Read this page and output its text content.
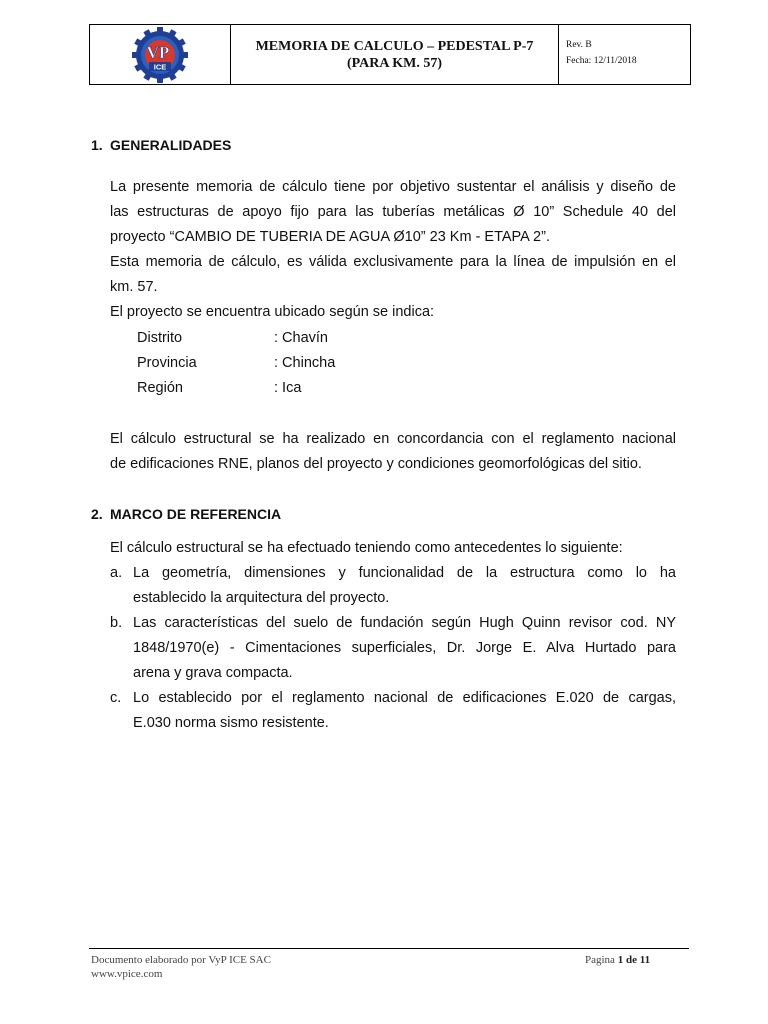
VP
ICE
MEMORIA DE CALCULO – PEDESTAL P-7
(PARA KM. 57)
Rev. B
Fecha: 12/11/2018
1. GENERALIDADES
La presente memoria de cálculo tiene por objetivo sustentar el análisis y diseño de
las estructuras de apoyo fijo para las tuberías metálicas Ø 10” Schedule 40 del
proyecto “CAMBIO DE TUBERIA DE AGUA Ø10” 23 Km - ETAPA 2”.
Esta memoria de cálculo, es válida exclusivamente para la línea de impulsión en el
km. 57.
El proyecto se encuentra ubicado según se indica:
Distrito	: Chavín
Provincia	: Chincha
Región	: Ica
El cálculo estructural se ha realizado en concordancia con el reglamento nacional
de edificaciones RNE, planos del proyecto y condiciones geomorfológicas del sitio.
2. MARCO DE REFERENCIA
El cálculo estructural se ha efectuado teniendo como antecedentes lo siguiente:
a. La geometría, dimensiones y funcionalidad de la estructura como lo ha
establecido la arquitectura del proyecto.
b. Las características del suelo de fundación según Hugh Quinn revisor cod. NY
1848/1970(e) - Cimentaciones superficiales, Dr. Jorge E. Alva Hurtado para
arena y grava compacta.
c. Lo establecido por el reglamento nacional de edificaciones E.020 de cargas,
E.030 norma sismo resistente.
Documento elaborado por VyP ICE SAC
www.vpice.com
Pagina 1 de 11
